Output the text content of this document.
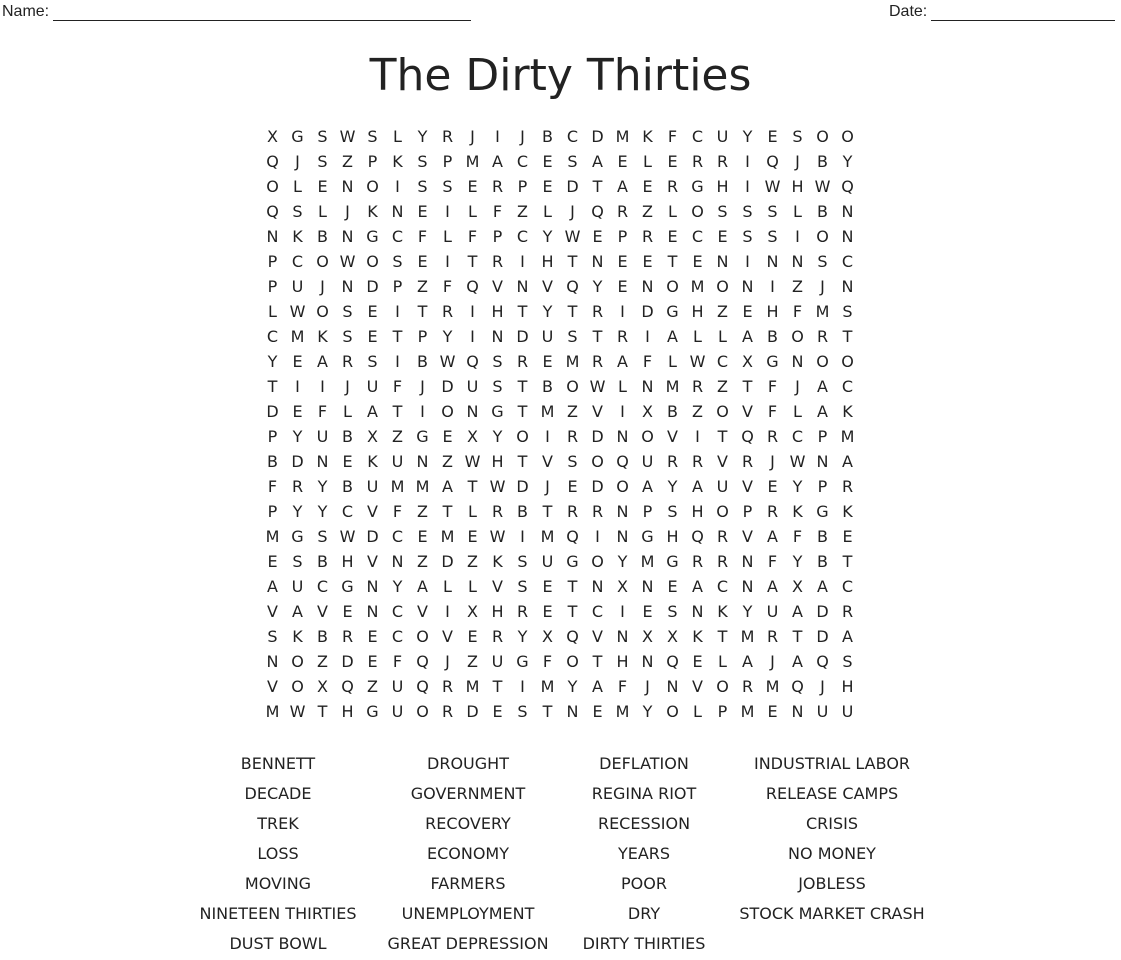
Name:	Date:
The Dirty Thirties
X G S W S L Y R	J	I	J	B C D M K F C U Y E S O O
Q	J	S Z P K S P M A C E S A E L E R R	I	Q	J	B Y
O L E N O	I	S S E R P E D T A E R G H	I W H W Q
Q S L	J	K N E	I	L F Z L	J	Q R Z L O S S S L B N
N K B N G C F L F P C Y W E P R E C E S S	I	O N
P C O W O S E	I	T R	I	H T N E E T E N	I	N N S C
P U	J	N D P Z F Q V N V Q Y E N O M O N	I	Z	J	N
L W O S E	I	T R	I	H T Y T R	I	D G H Z E H F M S
C M K S E T P Y	I	N D U S T R	I	A L	L A B O R T
Y E A R S	I	B W Q S R E M R A F L W C X G N O O
T	I	I	J	U F	J	D U S T B O W L N M R Z T F	J	A C
D E F L A T	I	O N G T M Z V	I	X B Z O V F L A K
P Y U B X Z G E X Y O	I	R D N O V	I	T Q R C P M
B D N E K U N Z W H T V S O Q U R R V R	J W N A
F R Y B U M M A T W D	J	E D O A Y A U V E Y P R
P Y Y C V F Z T L R B T R R N P S H O P R K G K
M G S W D C E M E W I M Q	I	N G H Q R V A F B E
E S B H V N Z D Z K S U G O Y M G R R N F Y B T
A U C G N Y A L	L V S E T N X N E A C N A X A C
V A V E N C V	I	X H R E T C	I	E S N K Y U A D R
S K B R E C O V E R Y X Q V N X X K T M R T D A
N O Z D E F Q	J	Z U G F O T H N Q E L A	J	A Q S
V O X Q Z U Q R M T	I M Y A F	J	N V O R M Q	J	H
M W T H G U O R D E S T N E M Y O L P M E N U U
BENNETT
DECADE
TREK
LOSS
MOVING
NINETEEN THIRTIES
DUST BOWL
DROUGHT
GOVERNMENT
RECOVERY
ECONOMY
FARMERS
UNEMPLOYMENT
GREAT DEPRESSION
DEFLATION
REGINA RIOT
RECESSION
YEARS
POOR
DRY
DIRTY THIRTIES
INDUSTRIAL LABOR
RELEASE CAMPS
CRISIS
NO MONEY
JOBLESS
STOCK MARKET CRASH
